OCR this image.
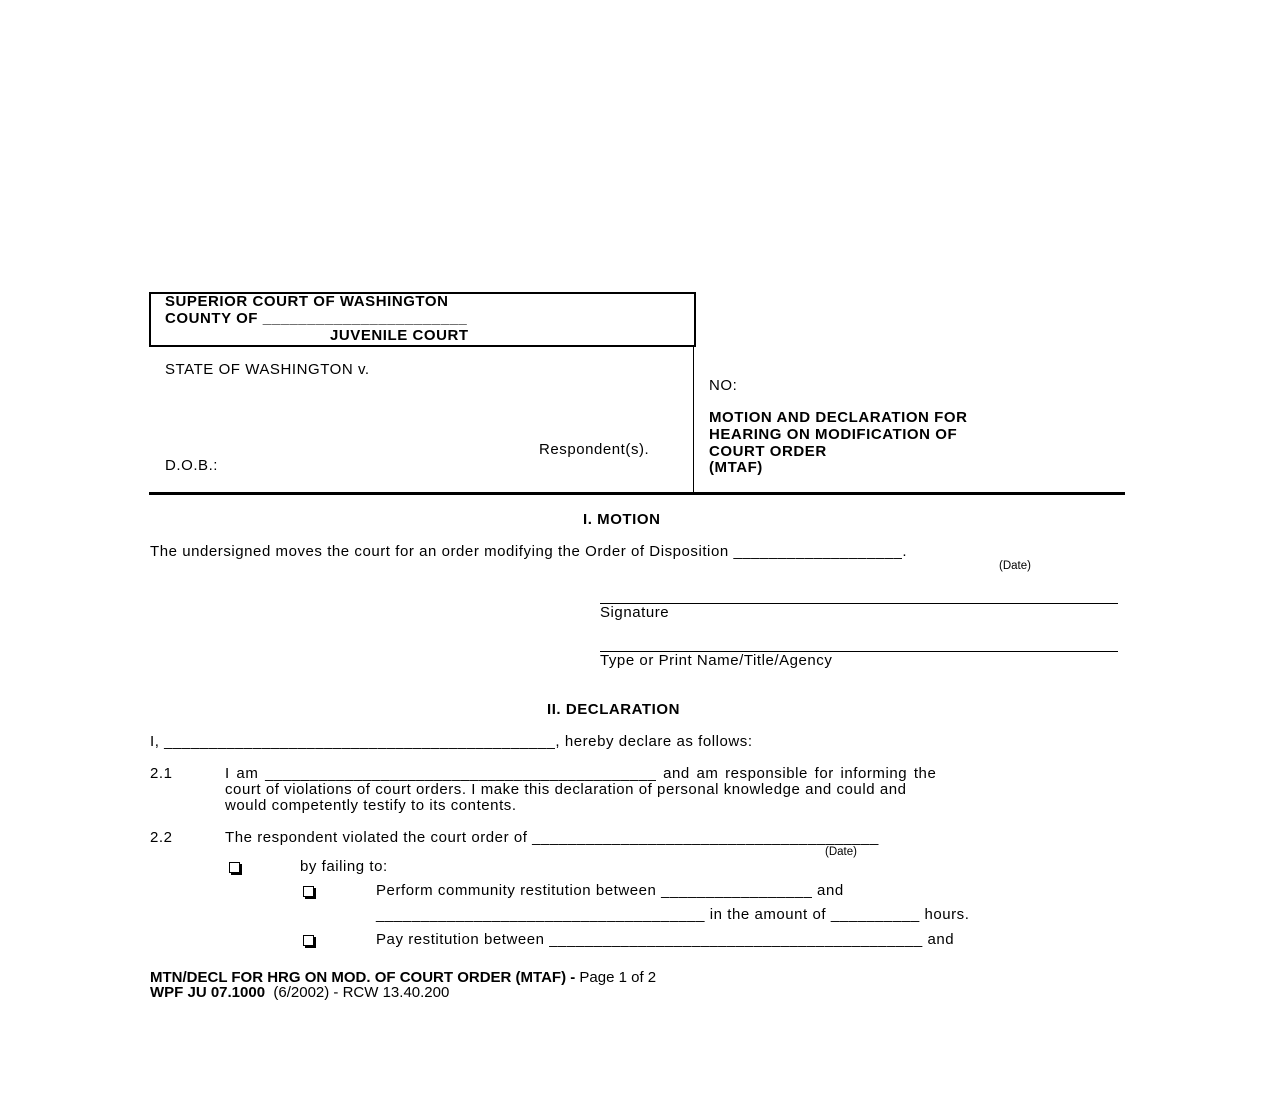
SUPERIOR COURT OF WASHINGTON
COUNTY OF _______________________
JUVENILE COURT
STATE OF WASHINGTON v.
Respondent(s).
D.O.B.:
NO:
MOTION AND DECLARATION FOR
HEARING ON MODIFICATION OF
COURT ORDER
(MTAF)
I. MOTION
The undersigned moves the court for an order modifying the Order of Disposition ___________________.
(Date)
Signature
Type or Print Name/Title/Agency
II. DECLARATION
I, ____________________________________________, hereby declare as follows:
2.1	I am ____________________________________________ and am responsible for informing the
court of violations of court orders. I make this declaration of personal knowledge and could and
would competently testify to its contents.
2.2	The respondent violated the court order of _______________________________________
(Date)
by failing to:
Perform community restitution between _________________ and
_____________________________________ in the amount of __________ hours.
Pay restitution between __________________________________________ and
MTN/DECL FOR HRG ON MOD. OF COURT ORDER (MTAF) - Page 1 of 2
WPF JU 07.1000  (6/2002) - RCW 13.40.200
